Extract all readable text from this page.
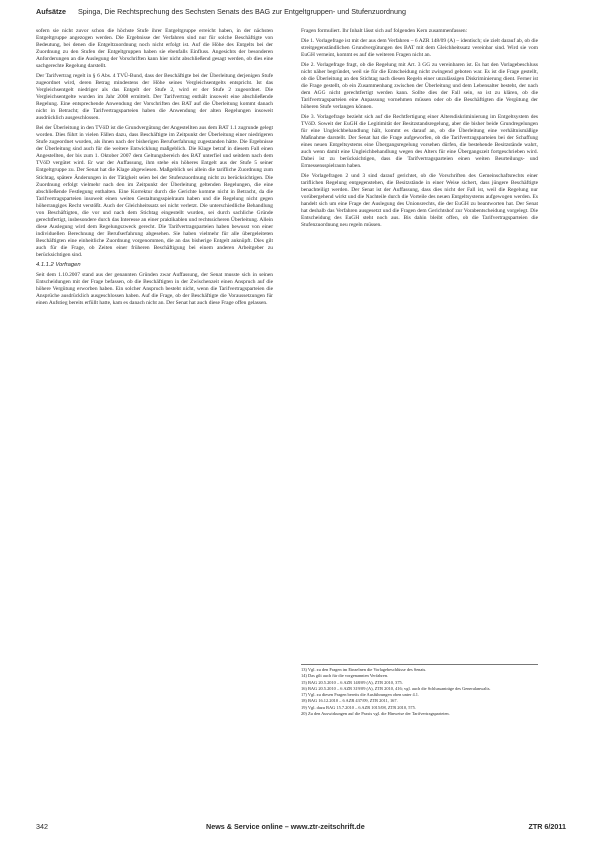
Aufsätze Spinga, Die Rechtsprechung des Sechsten Senats des BAG zur Entgeltgruppen- und Stufenzuordnung

sofern sie nicht zuvor schon die höchste Stufe ihrer Entgeltgruppe erreicht haben, in der nächsten Entgeltgruppe angezogen werden. Die Ergebnisse der Verfahren sind nur für solche Beschäftigte von Bedeutung, bei denen die Entgeltzuordnung noch nicht erfolgt ist. Auf die Höhe des Entgelts bei der Zuordnung zu den Stufen der Entgeltgruppen haben sie ebenfalls Einfluss. Angesichts der besonderen Anforderungen an die Auslegung der Vorschriften kann hier nicht abschließend gesagt werden, ob dies eine sachgerechte Regelung darstellt.

Der Tarifvertrag regelt in § 6 Abs. 4 TVÜ-Bund, dass der Beschäftigte bei der Überleitung derjenigen Stufe zugeordnet wird, deren Betrag mindestens der Höhe seines Vergleichsentgelts entspricht. Ist das Vergleichsentgelt niedriger als das Entgelt der Stufe 2, wird er der Stufe 2 zugeordnet. Die Vergleichsentgelte wurden im Jahr 2008 ermittelt. Der Tarifvertrag enthält insoweit eine abschließende Regelung. Eine entsprechende Anwendung der Vorschriften des BAT auf die Überleitung kommt danach nicht in Betracht; die Tarifvertragsparteien haben die Anwendung der alten Regelungen insoweit ausdrücklich ausgeschlossen.

Bei der Überleitung in den TVöD ist die Grundvergütung der Angestellten aus dem BAT 1.1 zugrunde gelegt worden. Dies führt in vielen Fällen dazu, dass Beschäftigte im Zeitpunkt der Überleitung einer niedrigeren Stufe zugeordnet wurden, als ihnen nach der bisherigen Berufserfahrung zugestanden hätte. Die Ergebnisse der Überleitung sind auch für die weitere Entwicklung maßgeblich. Die Klage betraf in diesem Fall einen Angestellten, der bis zum 1. Oktober 2007 dem Geltungsbereich des BAT unterfiel und seitdem nach dem TVöD vergütet wird. Er war der Auffassung, ihm stehe ein höheres Entgelt aus der Stufe 5 seiner Entgeltgruppe zu. Der Senat hat die Klage abgewiesen. Maßgeblich sei allein die tarifliche Zuordnung zum Stichtag, spätere Änderungen in der Tätigkeit seien bei der Stufenzuordnung nicht zu berücksichtigen. Die Zuordnung erfolgt vielmehr nach den im Zeitpunkt der Überleitung geltenden Regelungen, die eine abschließende Festlegung enthalten. Eine Korrektur durch die Gerichte komme nicht in Betracht, da die Tarifvertragsparteien insoweit einen weiten Gestaltungsspielraum haben und die Regelung nicht gegen höherrangiges Recht verstößt. Auch der Gleichheitssatz sei nicht verletzt. Die unterschiedliche Behandlung von Beschäftigten, die vor und nach dem Stichtag eingestellt wurden, sei durch sachliche Gründe gerechtfertigt, insbesondere durch das Interesse an einer praktikablen und rechtssicheren Überleitung. Allein diese Auslegung wird dem Regelungszweck gerecht. Die Tarifvertragsparteien haben bewusst von einer individuellen Berechnung der Berufserfahrung abgesehen. Sie haben vielmehr für alle übergeleiteten Beschäftigten eine einheitliche Zuordnung vorgenommen, die an das bisherige Entgelt anknüpft. Dies gilt auch für die Frage, ob Zeiten einer früheren Beschäftigung bei einem anderen Arbeitgeber zu berücksichtigen sind.

4.1.1.2 Vorfragen

Seit dem 1.10.2007 stand aus der genannten Gründen zwar Auffassung, der Senat musste sich in seinen Entscheidungen mit der Frage befassen, ob die Beschäftigten in der Zwischenzeit einen Anspruch auf die höhere Vergütung erworben haben. Ein solcher Anspruch besteht nicht, wenn die Tarifvertragsparteien die Ansprüche ausdrücklich ausgeschlossen haben. Auf die Frage, ob der Beschäftigte die Voraussetzungen für einen Aufstieg bereits erfüllt hatte, kam es danach nicht an. Der Senat hat auch diese Frage offen gelassen.

Fragen formuliert. Ihr Inhalt lässt sich auf folgenden Kern zusammenfassen:

Die 1. Vorlagefrage ist mit der aus dem Verfahren – 6 AZR 148/09 (A) – identisch; sie zielt darauf ab, ob die streitgegenständlichen Grundvergütungen des BAT mit dem Gleichheitssatz vereinbar sind. Wird sie vom EuGH verneint, kommt es auf die weiteren Fragen nicht an.

Die 2. Vorlagefrage fragt, ob die Regelung mit Art. 3 GG zu vereinbaren ist. Es hat den Vorlagebeschluss nicht näher begründet, weil sie für die Entscheidung nicht zwingend geboten war. Es ist die Frage gestellt, ob die Überleitung an den Stichtag nach diesen Regeln einer unzulässigen Diskriminierung dient. Ferner ist die Frage gestellt, ob ein Zusammenhang zwischen der Überleitung und dem Lebensalter besteht, der nach dem AGG nicht gerechtfertigt werden kann. Sollte dies der Fall sein, so ist zu klären, ob die Tarifvertragsparteien eine Anpassung vornehmen müssen oder ob die Beschäftigten die Vergütung der höheren Stufe verlangen können.

Die 3. Vorlagefrage bezieht sich auf die Rechtfertigung einer Altersdiskriminierung im Entgeltsystem des TVöD. Soweit der EuGH die Legitimität der Besitzstandsregelung, aber die bisher beide Grundregelungen für eine Ungleichbehandlung hält, kommt es darauf an, ob die Überleitung eine verhältnismäßige Maßnahme darstellt. Der Senat hat die Frage aufgeworfen, ob die Tarifvertragsparteien bei der Schaffung eines neuen Entgeltsystems eine Übergangsregelung vorsehen dürfen, die bestehende Besitzstände wahrt, auch wenn damit eine Ungleichbehandlung wegen des Alters für eine Übergangszeit fortgeschrieben wird. Dabei ist zu berücksichtigen, dass die Tarifvertragsparteien einen weiten Beurteilungs- und Ermessensspielraum haben.

Die Vorlagefragen 2 und 3 sind darauf gerichtet, ob die Vorschriften des Gemeinschaftsrechts einer tariflichen Regelung entgegenstehen, die Besitzstände in einer Weise sichert, dass jüngere Beschäftigte benachteiligt werden. Der Senat ist der Auffassung, dass dies nicht der Fall ist, weil die Regelung nur vorübergehend wirkt und die Nachteile durch die Vorteile des neuen Entgeltsystems aufgewogen werden. Es handelt sich um eine Frage der Auslegung des Unionsrechts, die der EuGH zu beantworten hat. Der Senat hat deshalb das Verfahren ausgesetzt und die Fragen dem Gerichtshof zur Vorabentscheidung vorgelegt. Die Entscheidung des EuGH steht noch aus. Bis dahin bleibt offen, ob die Tarifvertragsparteien die Stufenzuordnung neu regeln müssen.

13) Vgl. zu den Fragen im Einzelnen die Vorlagebeschlüsse des Senats.

14) Das gilt auch für die vorgenannten Verfahren.

15) BAG 20.5.2010 – 6 AZR 148/09 (A), ZTR 2010, 375.

16) BAG 20.5.2010 – 6 AZR 319/09 (A), ZTR 2010, 416; vgl. auch die Schlussanträge des Generalanwalts.

17) Vgl. zu diesen Fragen bereits die Ausführungen oben unter 4.1.

18) BAG 16.12.2010 – 6 AZR 437/09, ZTR 2011, 167.

19) Vgl. dazu BAG 15.7.2010 – 6 AZR 1015/08, ZTR 2010, 575.

20) Zu den Auswirkungen auf die Praxis vgl. die Hinweise der Tarifvertragsparteien.

342	News & Service online – www.ztr-zeitschrift.de	ZTR 6/2011
